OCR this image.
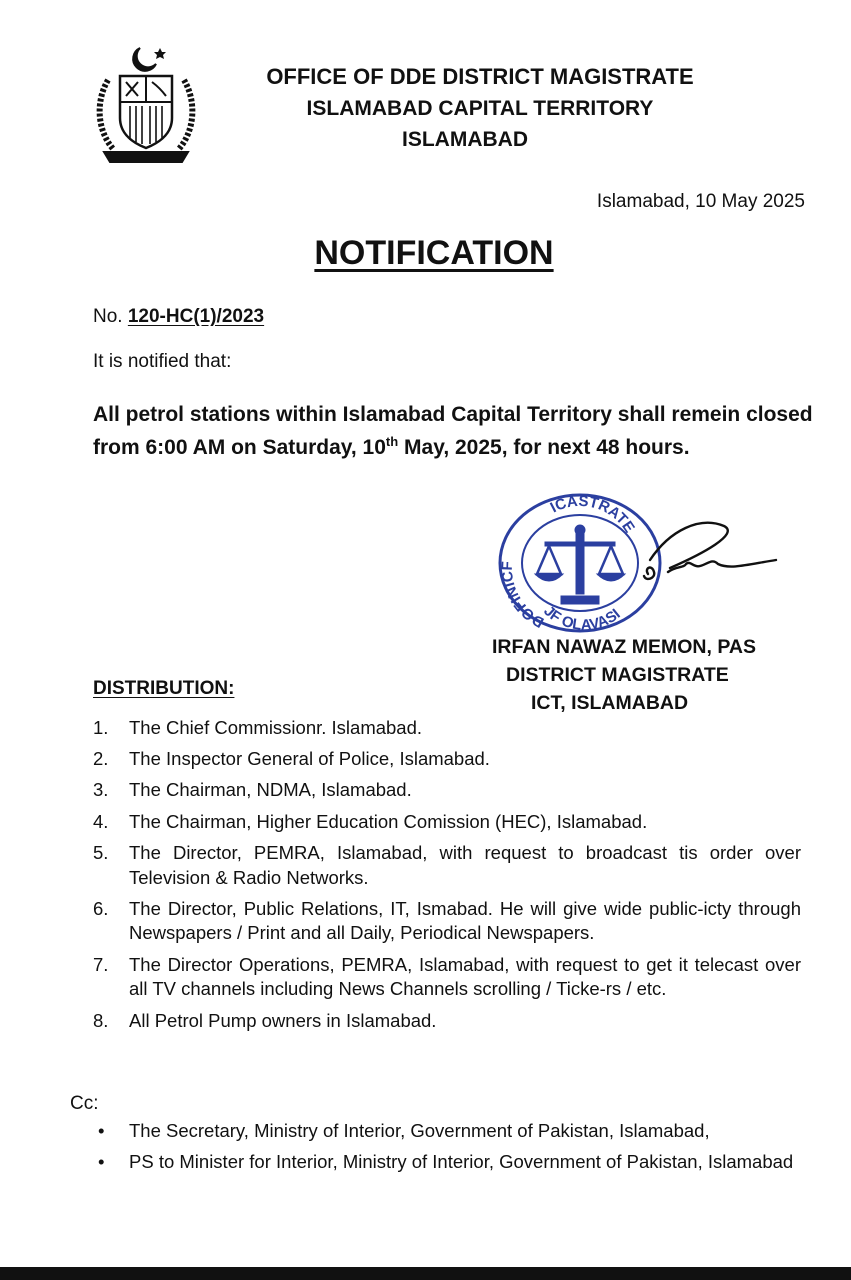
OFFICE OF DDE DISTRICT MAGISTRATE
ISLAMABAD CAPITAL TERRITORY
ISLAMABAD
Islamabad, 10 May 2025
NOTIFICATION
No. 120-HC(1)/2023
It is notified that:
All petrol stations within Islamabad Capital Territory shall remein closed from 6:00 AM on Saturday, 10th May, 2025, for next 48 hours.
ICASTRATE
DOFINICF
JF OLAVASI
IRFAN NAWAZ MEMON, PAS
DISTRICT MAGISTRATE
ICT, ISLAMABAD
DISTRIBUTION:
1. The Chief Commissionr. Islamabad.
2. The Inspector General of Police, Islamabad.
3. The Chairman, NDMA, Islamabad.
4. The Chairman, Higher Education Comission (HEC), Islamabad.
5. The Director, PEMRA, Islamabad, with request to broadcast tis order over Television & Radio Networks.
6. The Director, Public Relations, IT, Ismabad. He will give wide public-icty through Newspapers / Print and all Daily, Periodical Newspapers.
7. The Director Operations, PEMRA, Islamabad, with request to get it telecast over all TV channels including News Channels scrolling / Ticke-rs / etc.
8. All Petrol Pump owners in Islamabad.
Cc:
• The Secretary, Ministry of Interior, Government of Pakistan, Islamabad,
• PS to Minister for Interior, Ministry of Interior, Government of Pakistan, Islamabad
